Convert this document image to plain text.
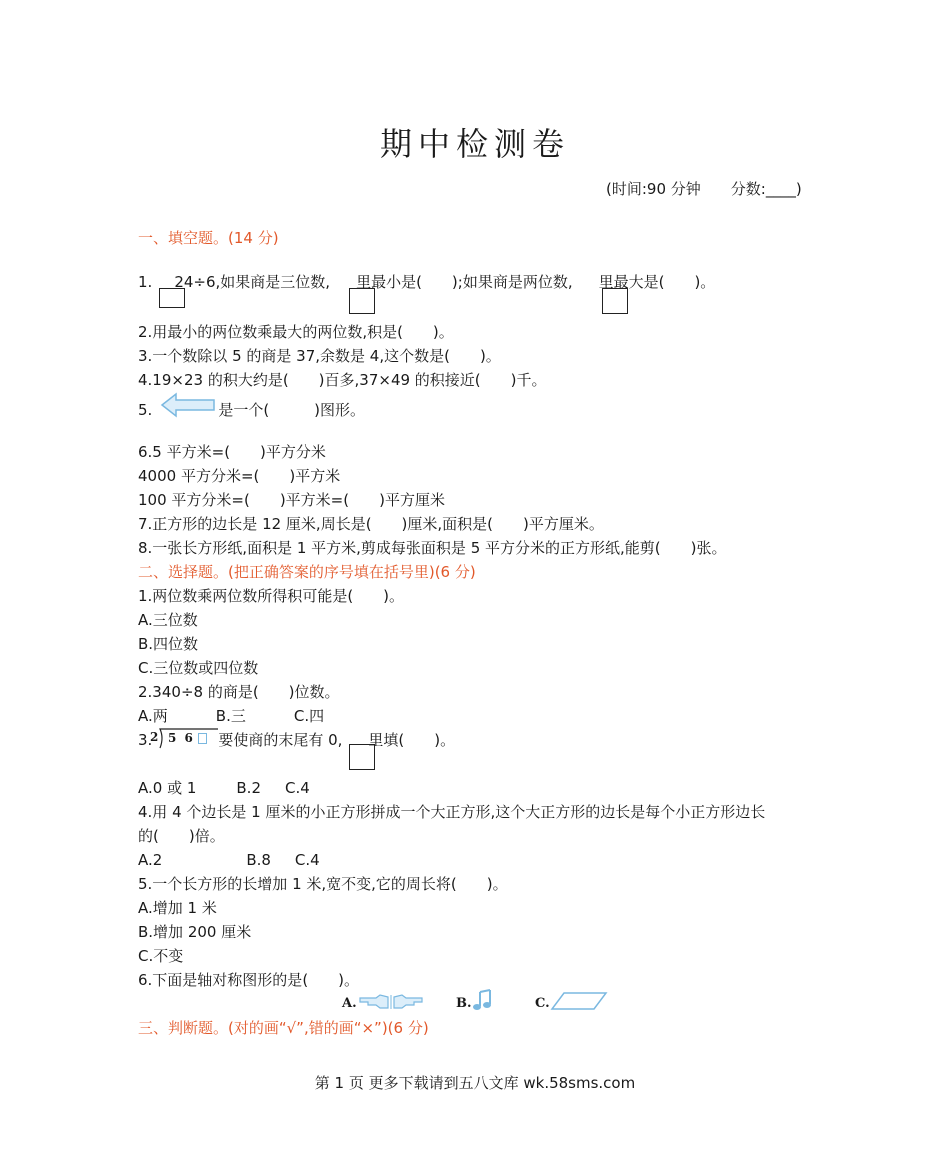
期中检测卷
(时间:90 分钟　　分数:____)
一、填空题。(14 分)
1. 24÷6,如果商是三位数, 里最小是(　　);如果商是两位数, 里最大是(　　)。
2.用最小的两位数乘最大的两位数,积是(　　)。
3.一个数除以 5 的商是 37,余数是 4,这个数是(　　)。
4.19×23 的积大约是(　　)百多,37×49 的积接近(　　)千。
5.	是一个(　　　)图形。
6.5 平方米=(　　)平方分米
4000 平方分米=(　　)平方米
100 平方分米=(　　)平方米=(　　)平方厘米
7.正方形的边长是 12 厘米,周长是(　　)厘米,面积是(　　)平方厘米。
8.一张长方形纸,面积是 1 平方米,剪成每张面积是 5 平方分米的正方形纸,能剪(　　)张。
二、选择题。(把正确答案的序号填在括号里)(6 分)
1.两位数乘两位数所得积可能是(　　)。
A.三位数
B.四位数
C.三位数或四位数
2.340÷8 的商是(　　)位数。
A.两	B.三	C.四
3.	要使商的末尾有 0, 里填(　　)。
2 5 6
A.0 或 1	B.2 C.4
4.用 4 个边长是 1 厘米的小正方形拼成一个大正方形,这个大正方形的边长是每个小正方形边长
的(　　)倍。
A.2	B.8 C.4
5.一个长方形的长增加 1 米,宽不变,它的周长将(　　)。
A.增加 1 米
B.增加 200 厘米
C.不变
6.下面是轴对称图形的是(　　)。
A.	B.	C.
三、判断题。(对的画“√”,错的画“×”)(6 分)
第 1 页 更多下载请到五八文库 wk.58sms.com
